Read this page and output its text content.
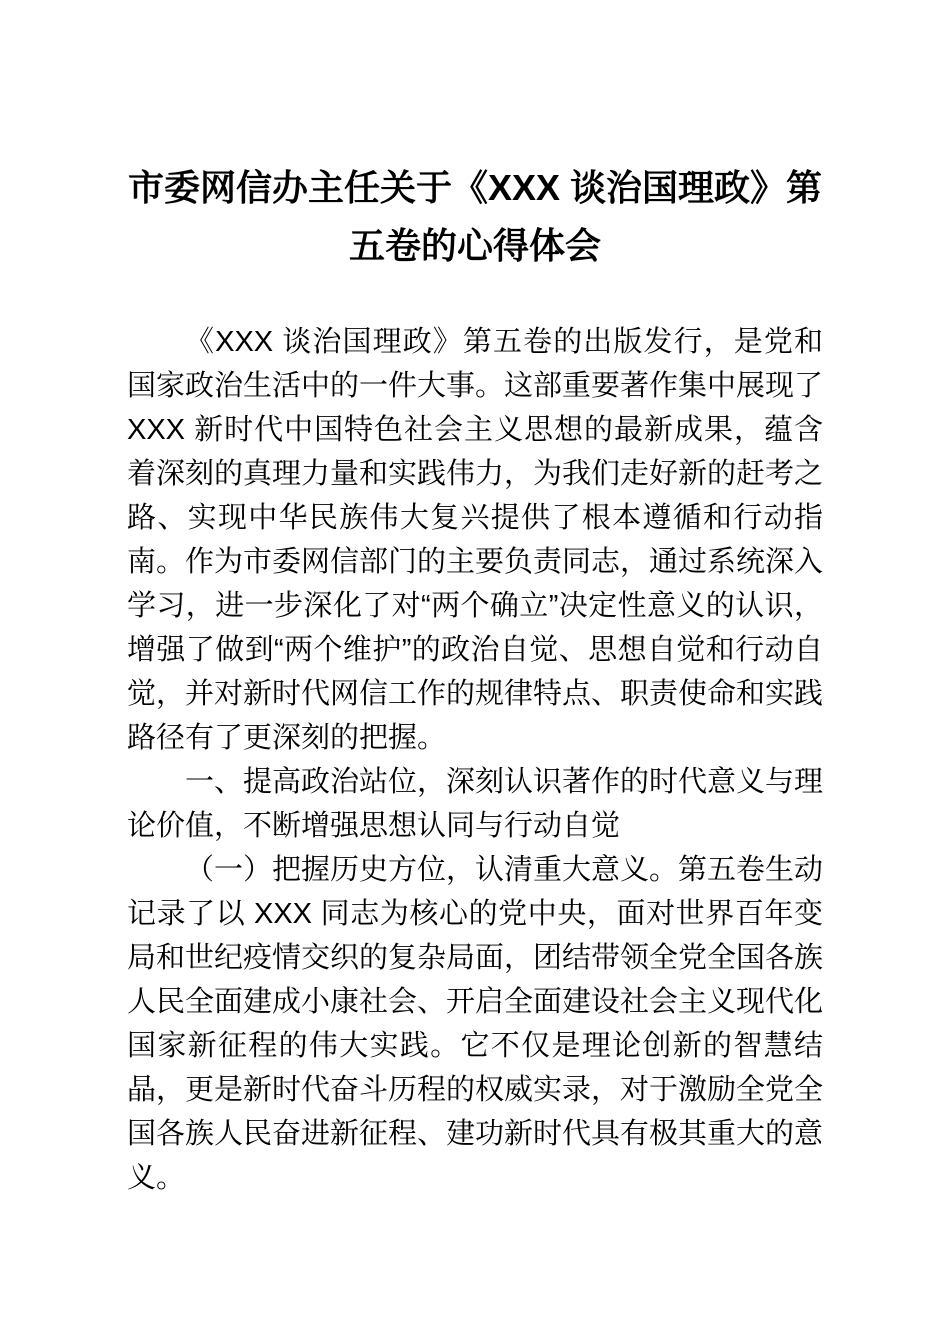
市委网信办主任关于《XXX 谈治国理政》第五卷的心得体会

《XXX 谈治国理政》第五卷的出版发行，是党和国家政治生活中的一件大事。这部重要著作集中展现了 XXX 新时代中国特色社会主义思想的最新成果，蕴含着深刻的真理力量和实践伟力，为我们走好新的赶考之路、实现中华民族伟大复兴提供了根本遵循和行动指南。作为市委网信部门的主要负责同志，通过系统深入学习，进一步深化了对“两个确立”决定性意义的认识，增强了做到“两个维护”的政治自觉、思想自觉和行动自觉，并对新时代网信工作的规律特点、职责使命和实践路径有了更深刻的把握。

一、提高政治站位，深刻认识著作的时代意义与理论价值，不断增强思想认同与行动自觉

（一）把握历史方位，认清重大意义。第五卷生动记录了以 XXX 同志为核心的党中央，面对世界百年变局和世纪疫情交织的复杂局面，团结带领全党全国各族人民全面建成小康社会、开启全面建设社会主义现代化国家新征程的伟大实践。它不仅是理论创新的智慧结晶，更是新时代奋斗历程的权威实录，对于激励全党全国各族人民奋进新征程、建功新时代具有极其重大的意义。
